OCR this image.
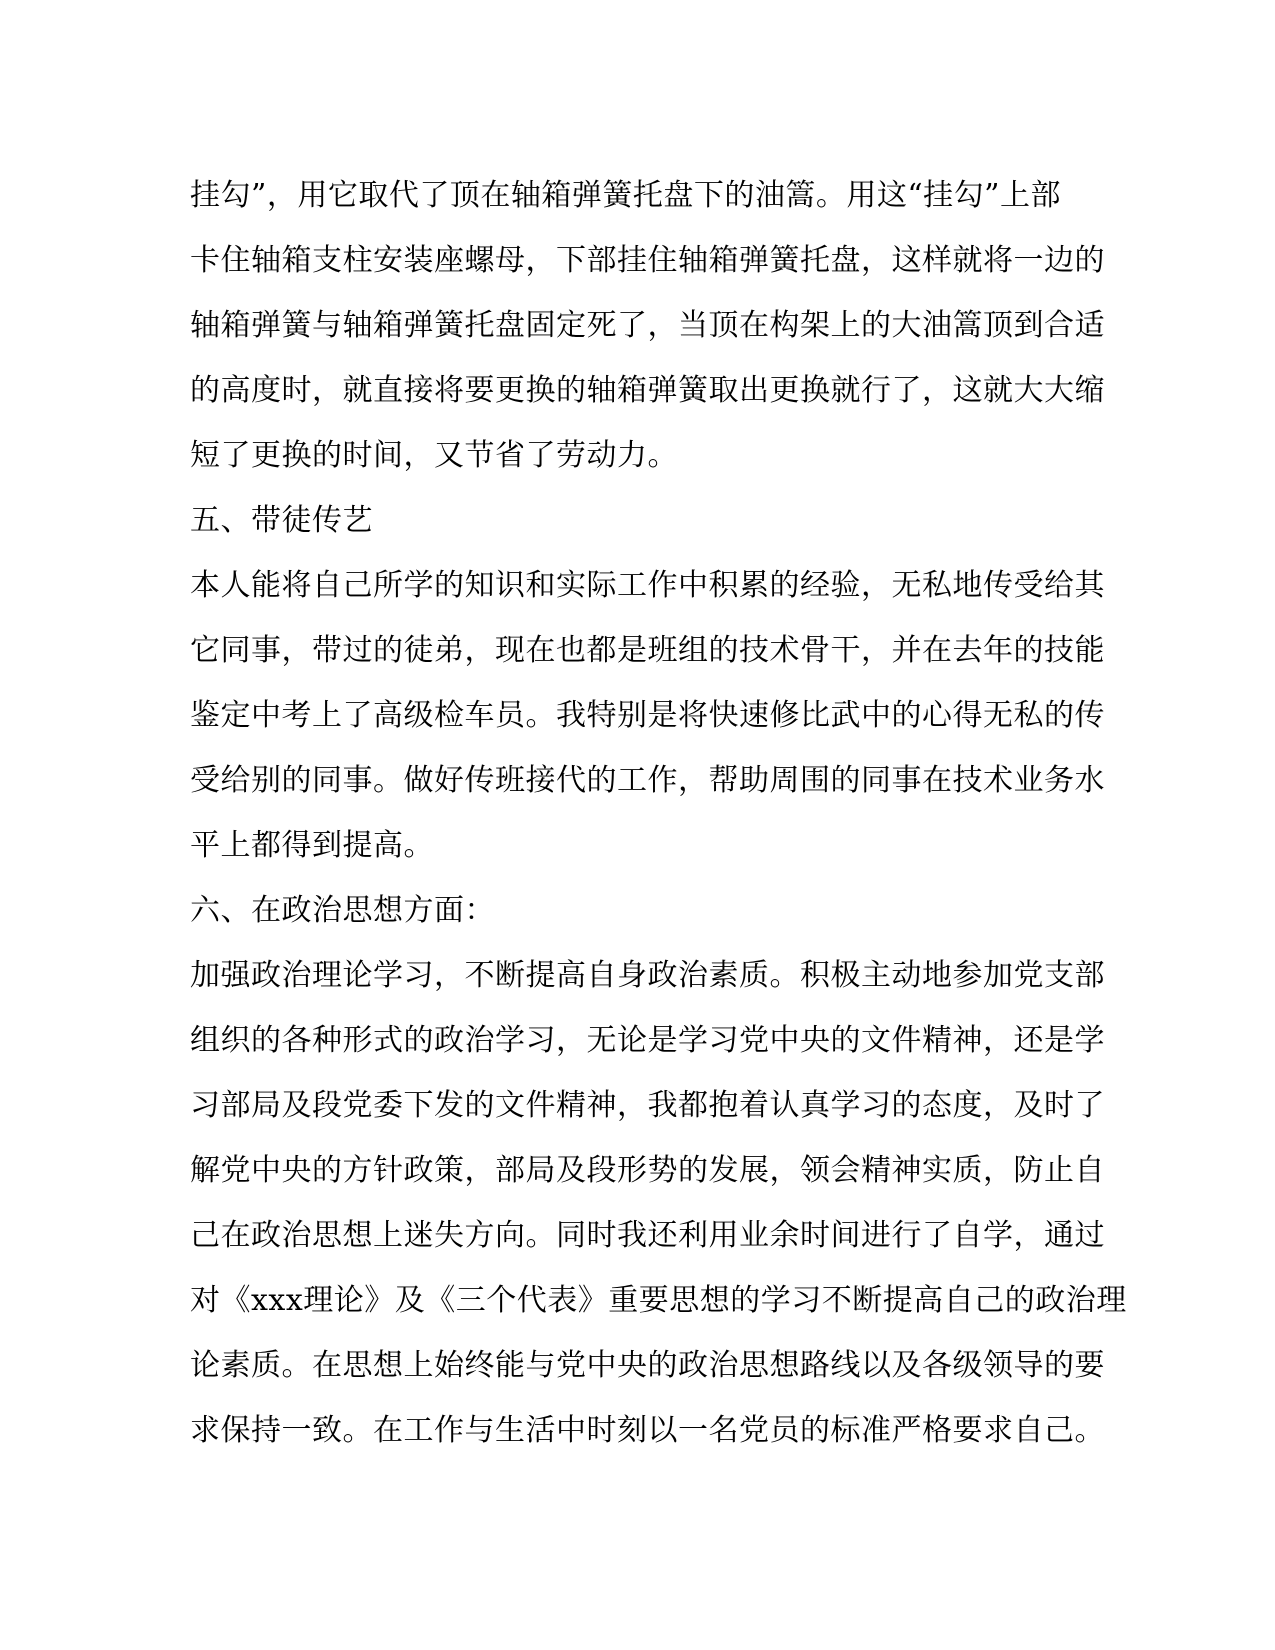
挂勾”，用它取代了顶在轴箱弹簧托盘下的油篙。用这“挂勾”上部
卡住轴箱支柱安装座螺母，下部挂住轴箱弹簧托盘，这样就将一边的
轴箱弹簧与轴箱弹簧托盘固定死了，当顶在构架上的大油篙顶到合适
的高度时，就直接将要更换的轴箱弹簧取出更换就行了，这就大大缩
短了更换的时间，又节省了劳动力。
五、带徒传艺
本人能将自己所学的知识和实际工作中积累的经验，无私地传受给其
它同事，带过的徒弟，现在也都是班组的技术骨干，并在去年的技能
鉴定中考上了高级检车员。我特别是将快速修比武中的心得无私的传
受给别的同事。做好传班接代的工作，帮助周围的同事在技术业务水
平上都得到提高。
六、在政治思想方面：
加强政治理论学习，不断提高自身政治素质。积极主动地参加党支部
组织的各种形式的政治学习，无论是学习党中央的文件精神，还是学
习部局及段党委下发的文件精神，我都抱着认真学习的态度，及时了
解党中央的方针政策，部局及段形势的发展，领会精神实质，防止自
己在政治思想上迷失方向。同时我还利用业余时间进行了自学，通过
对《xxx理论》及《三个代表》重要思想的学习不断提高自己的政治理
论素质。在思想上始终能与党中央的政治思想路线以及各级领导的要
求保持一致。在工作与生活中时刻以一名党员的标准严格要求自己。
